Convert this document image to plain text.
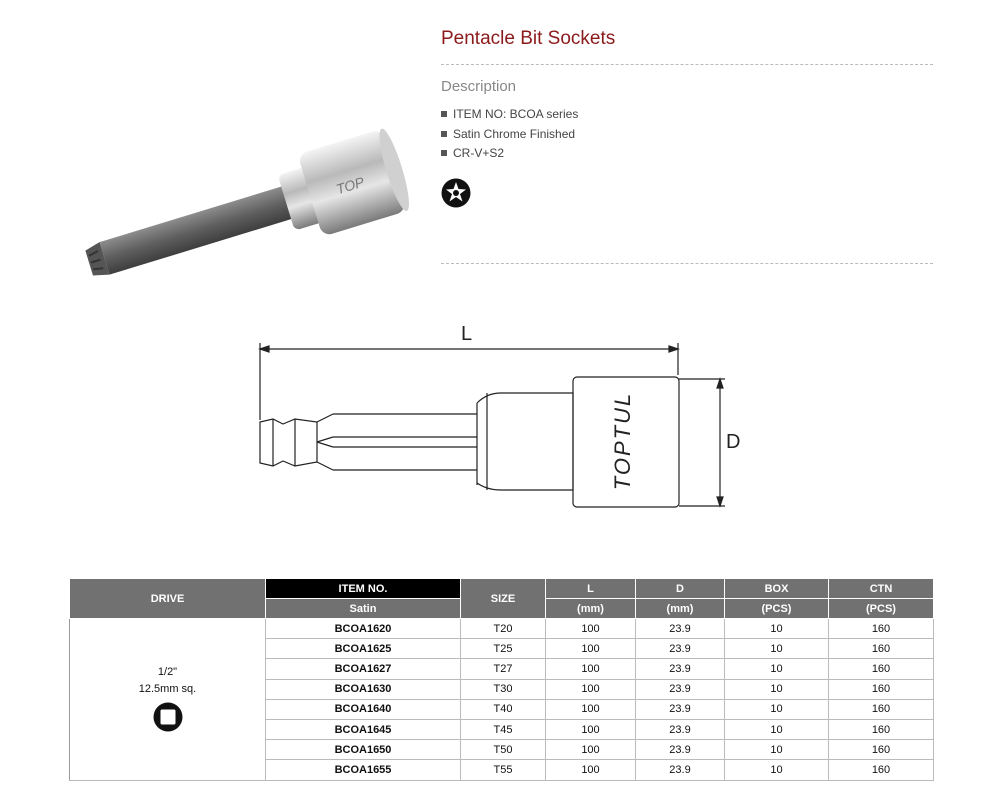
TOP
Pentacle Bit Sockets
Description
ITEM NO: BCOA series
Satin Chrome Finished
CR-V+S2
L
D
TOPTUL
DRIVE	ITEM NO.	SIZE	L	D	BOX	CTN
	Satin		(mm)	(mm)	(PCS)	(PCS)

1/2"
12.5mm sq.	BCOA1620	T20	100	23.9	10	160
	BCOA1625	T25	100	23.9	10	160
	BCOA1627	T27	100	23.9	10	160
	BCOA1630	T30	100	23.9	10	160
	BCOA1640	T40	100	23.9	10	160
	BCOA1645	T45	100	23.9	10	160
	BCOA1650	T50	100	23.9	10	160
	BCOA1655	T55	100	23.9	10	160
